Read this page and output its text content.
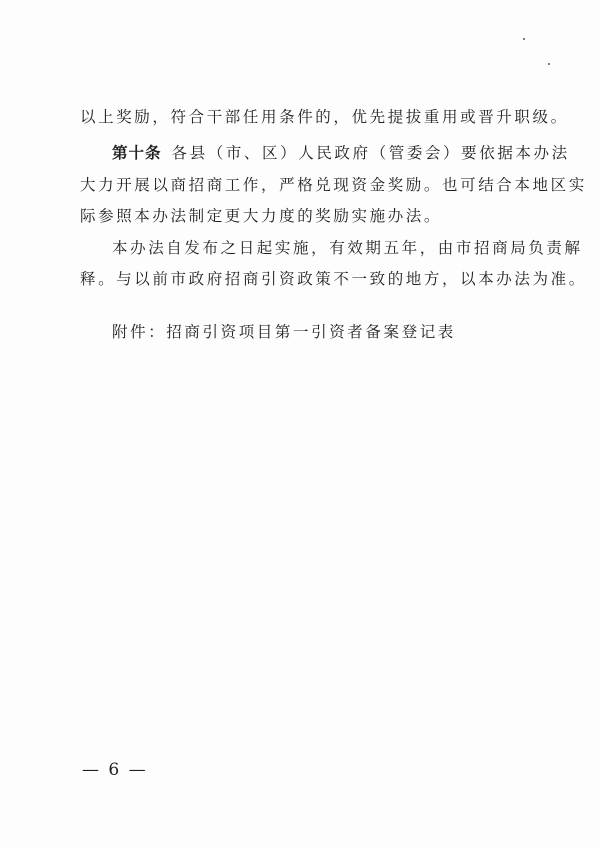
以上奖励，符合干部任用条件的，优先提拔重用或晋升职级。
第十条 各县（市、区）人民政府（管委会）要依据本办法
大力开展以商招商工作，严格兑现资金奖励。也可结合本地区实
际参照本办法制定更大力度的奖励实施办法。
本办法自发布之日起实施，有效期五年，由市招商局负责解
释。与以前市政府招商引资政策不一致的地方，以本办法为准。
附件：招商引资项目第一引资者备案登记表
— 6 —
